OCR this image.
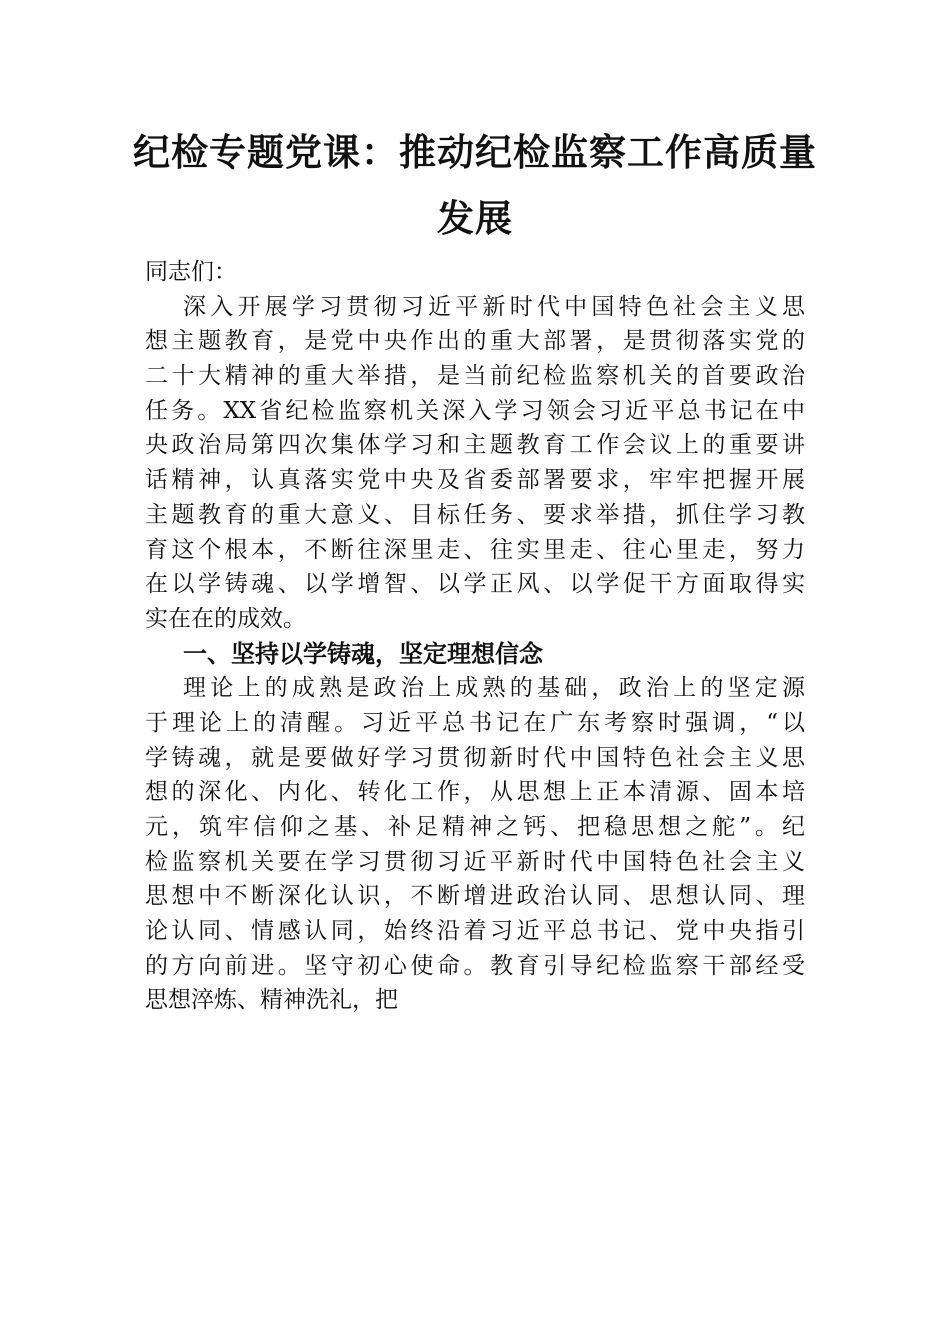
纪检专题党课：推动纪检监察工作高质量
发展
同志们：
深入开展学习贯彻习近平新时代中国特色社会主义思
想主题教育，是党中央作出的重大部署，是贯彻落实党的
二十大精神的重大举措，是当前纪检监察机关的首要政治
任务。XX省纪检监察机关深入学习领会习近平总书记在中
央政治局第四次集体学习和主题教育工作会议上的重要讲
话精神，认真落实党中央及省委部署要求，牢牢把握开展
主题教育的重大意义、目标任务、要求举措，抓住学习教
育这个根本，不断往深里走、往实里走、往心里走，努力
在以学铸魂、以学增智、以学正风、以学促干方面取得实
实在在的成效。
一、坚持以学铸魂，坚定理想信念
理论上的成熟是政治上成熟的基础，政治上的坚定源
于理论上的清醒。习近平总书记在广东考察时强调，“以
学铸魂，就是要做好学习贯彻新时代中国特色社会主义思
想的深化、内化、转化工作，从思想上正本清源、固本培
元，筑牢信仰之基、补足精神之钙、把稳思想之舵”。纪
检监察机关要在学习贯彻习近平新时代中国特色社会主义
思想中不断深化认识，不断增进政治认同、思想认同、理
论认同、情感认同，始终沿着习近平总书记、党中央指引
的方向前进。坚守初心使命。教育引导纪检监察干部经受
思想淬炼、精神洗礼，把
